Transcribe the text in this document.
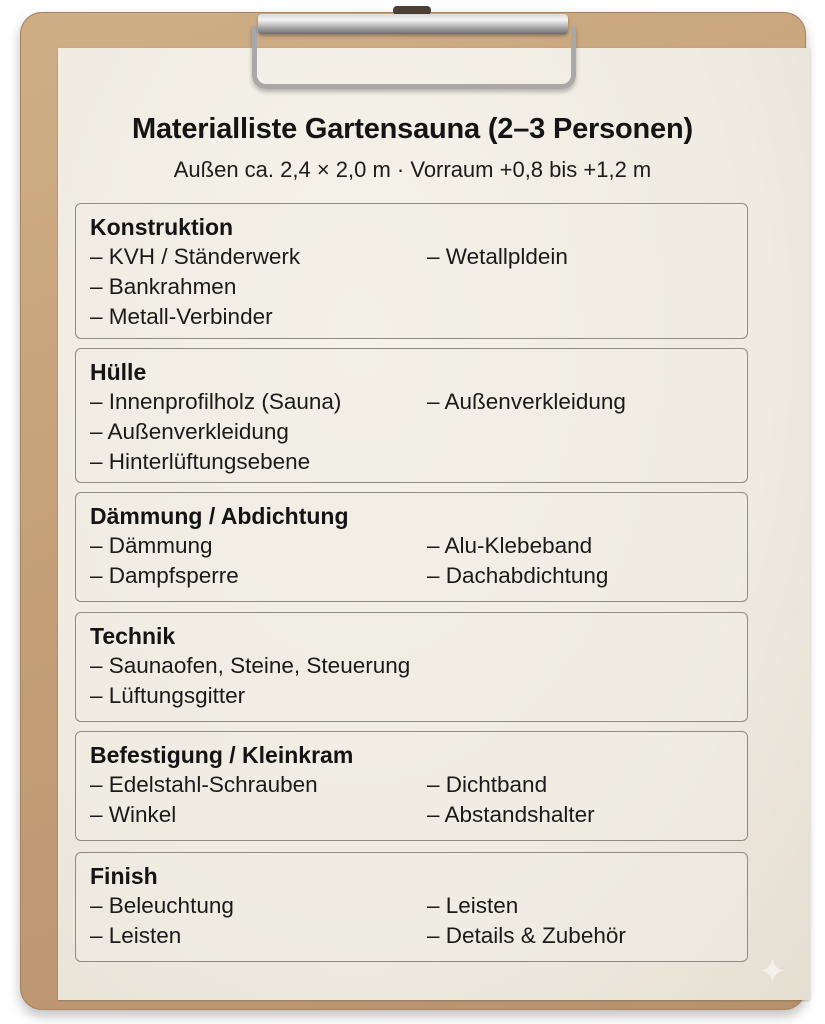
Materialliste Gartensauna (2–3 Personen)
Außen ca. 2,4 × 2,0 m · Vorraum +0,8 bis +1,2 m
Konstruktion
– KVH / Ständerwerk
– Bankrahmen
– Metall-Verbinder
– Wetallpldein
Hülle
– Innenprofilholz (Sauna)
– Außenverkleidung
– Hinterlüftungsebene
– Außenverkleidung
Dämmung / Abdichtung
– Dämmung
– Dampfsperre
– Alu-Klebeband
– Dachabdichtung
Technik
– Saunaofen, Steine, Steuerung
– Lüftungsgitter
Befestigung / Kleinkram
– Edelstahl-Schrauben
– Winkel
– Dichtband
– Abstandshalter
Finish
– Beleuchtung
– Leisten
– Leisten
– Details & Zubehör
✦
